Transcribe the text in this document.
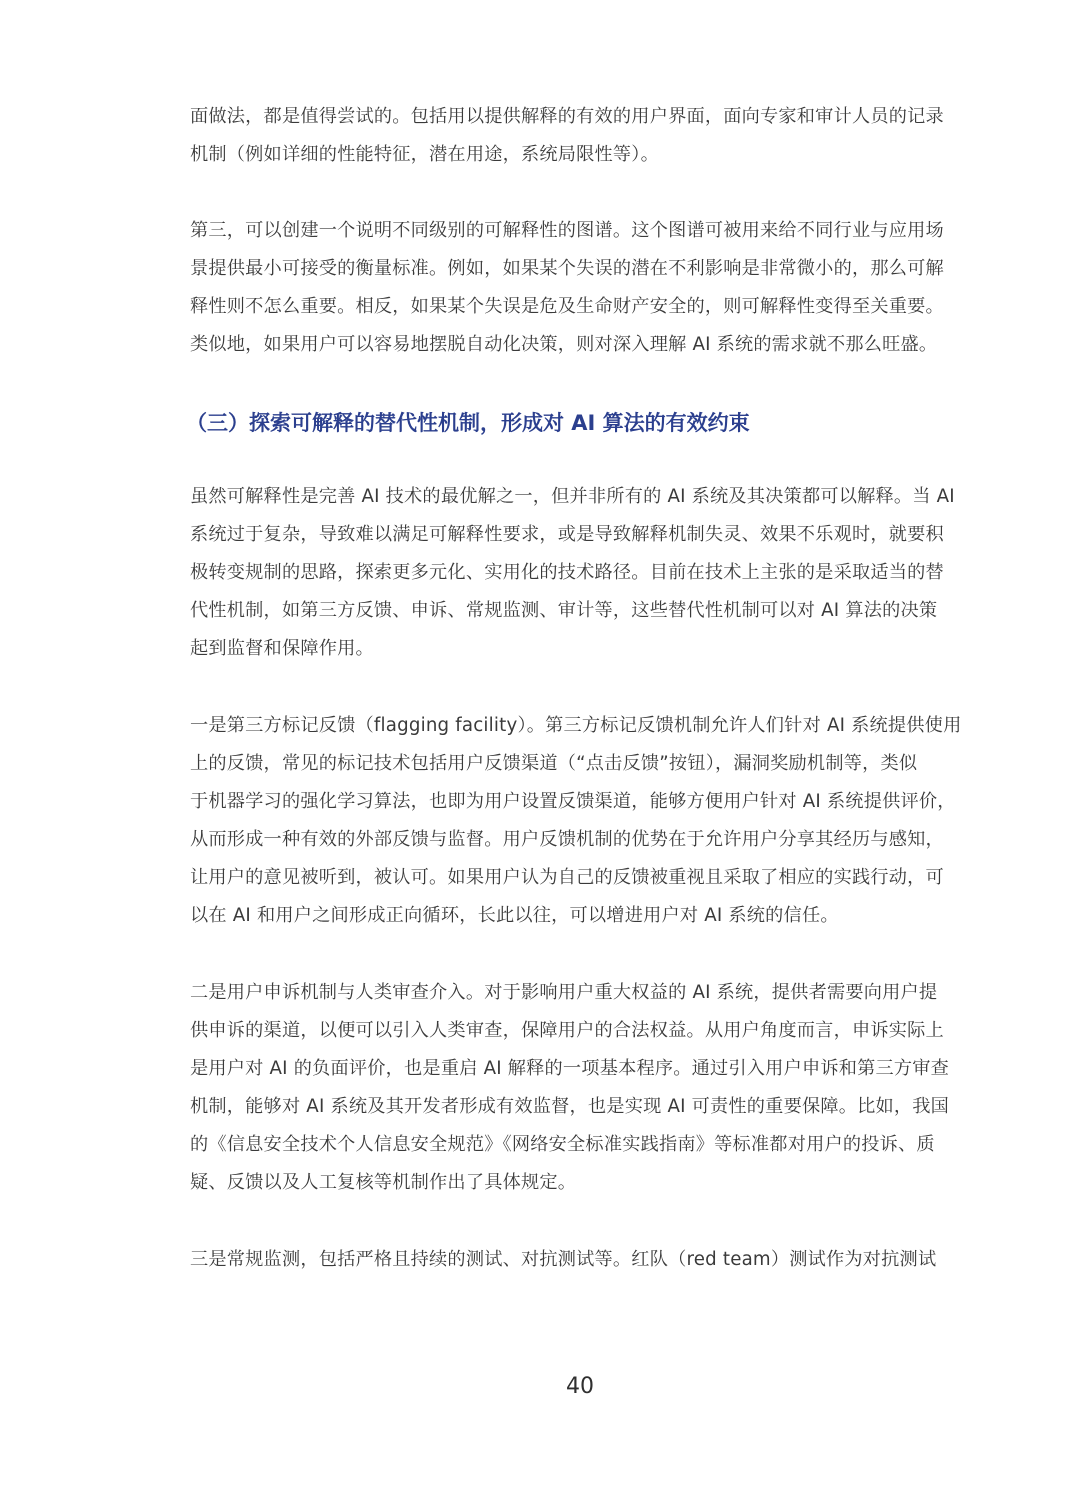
面做法，都是值得尝试的。包括用以提供解释的有效的用户界面，面向专家和审计人员的记录
机制（例如详细的性能特征，潜在用途，系统局限性等）。
第三，可以创建一个说明不同级别的可解释性的图谱。这个图谱可被用来给不同行业与应用场
景提供最小可接受的衡量标准。例如，如果某个失误的潜在不利影响是非常微小的，那么可解
释性则不怎么重要。相反，如果某个失误是危及生命财产安全的，则可解释性变得至关重要。
类似地，如果用户可以容易地摆脱自动化决策，则对深入理解 AI 系统的需求就不那么旺盛。
（三）探索可解释的替代性机制，形成对 AI 算法的有效约束
虽然可解释性是完善 AI 技术的最优解之一，但并非所有的 AI 系统及其决策都可以解释。当 AI
系统过于复杂，导致难以满足可解释性要求，或是导致解释机制失灵、效果不乐观时，就要积
极转变规制的思路，探索更多元化、实用化的技术路径。目前在技术上主张的是采取适当的替
代性机制，如第三方反馈、申诉、常规监测、审计等，这些替代性机制可以对 AI 算法的决策
起到监督和保障作用。
一是第三方标记反馈（flagging facility）。第三方标记反馈机制允许人们针对 AI 系统提供使用
上的反馈，常见的标记技术包括用户反馈渠道（“点击反馈”按钮），漏洞奖励机制等，类似
于机器学习的强化学习算法，也即为用户设置反馈渠道，能够方便用户针对 AI 系统提供评价，
从而形成一种有效的外部反馈与监督。用户反馈机制的优势在于允许用户分享其经历与感知，
让用户的意见被听到，被认可。如果用户认为自己的反馈被重视且采取了相应的实践行动，可
以在 AI 和用户之间形成正向循环，长此以往，可以增进用户对 AI 系统的信任。
二是用户申诉机制与人类审查介入。对于影响用户重大权益的 AI 系统，提供者需要向用户提
供申诉的渠道，以便可以引入人类审查，保障用户的合法权益。从用户角度而言，申诉实际上
是用户对 AI 的负面评价，也是重启 AI 解释的一项基本程序。通过引入用户申诉和第三方审查
机制，能够对 AI 系统及其开发者形成有效监督，也是实现 AI 可责性的重要保障。比如，我国
的《信息安全技术个人信息安全规范》《网络安全标准实践指南》等标准都对用户的投诉、质
疑、反馈以及人工复核等机制作出了具体规定。
三是常规监测，包括严格且持续的测试、对抗测试等。红队（red team）测试作为对抗测试
40
